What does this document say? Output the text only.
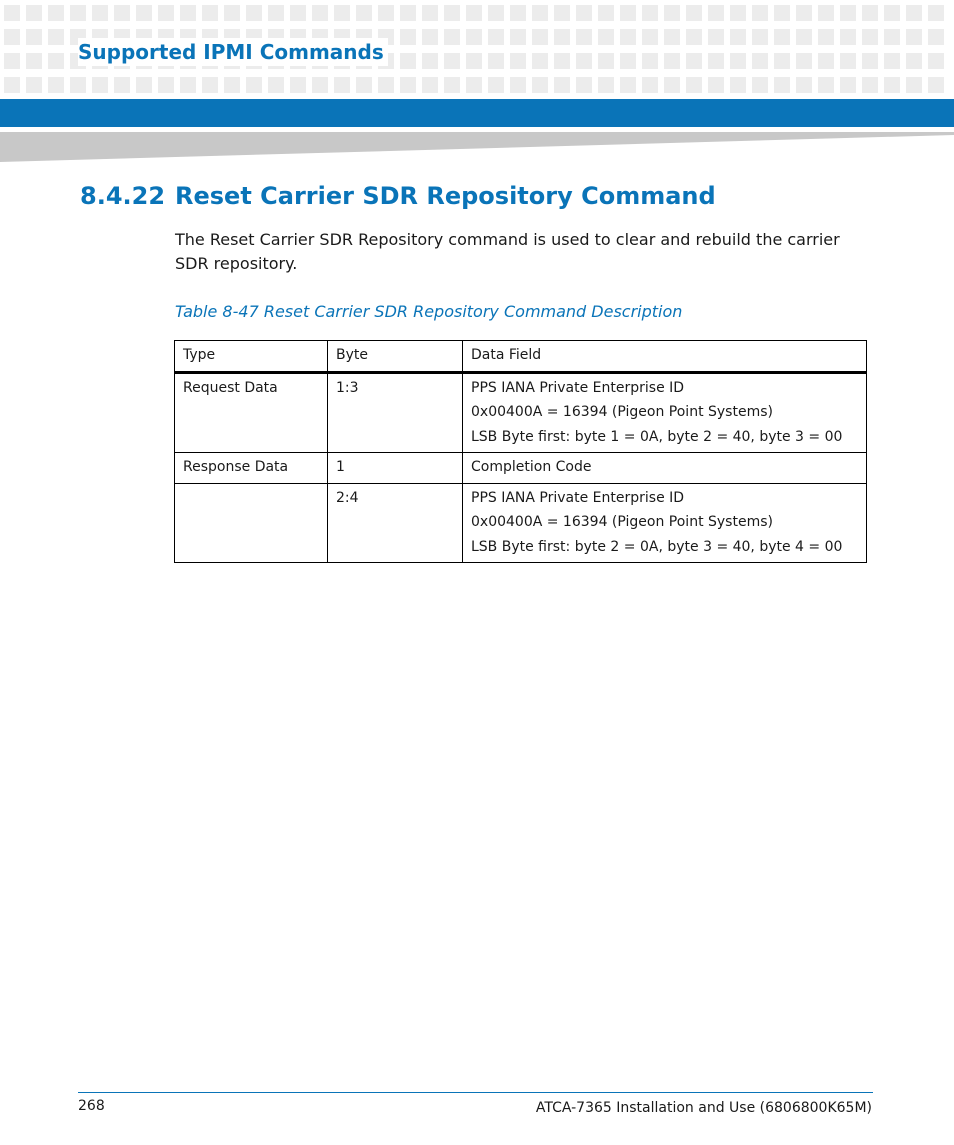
Supported IPMI Commands
8.4.22 Reset Carrier SDR Repository Command

The Reset Carrier SDR Repository command is used to clear and rebuild the carrier SDR repository.

Table 8-47 Reset Carrier SDR Repository Command Description

Type	Byte	Data Field
Request Data	1:3	PPS IANA Private Enterprise ID
0x00400A = 16394 (Pigeon Point Systems)
LSB Byte first: byte 1 = 0A, byte 2 = 40, byte 3 = 00

Response Data	1	Completion Code

	2:4	PPS IANA Private Enterprise ID
0x00400A = 16394 (Pigeon Point Systems)
LSB Byte first: byte 2 = 0A, byte 3 = 40, byte 4 = 00
268	ATCA-7365 Installation and Use (6806800K65M)
